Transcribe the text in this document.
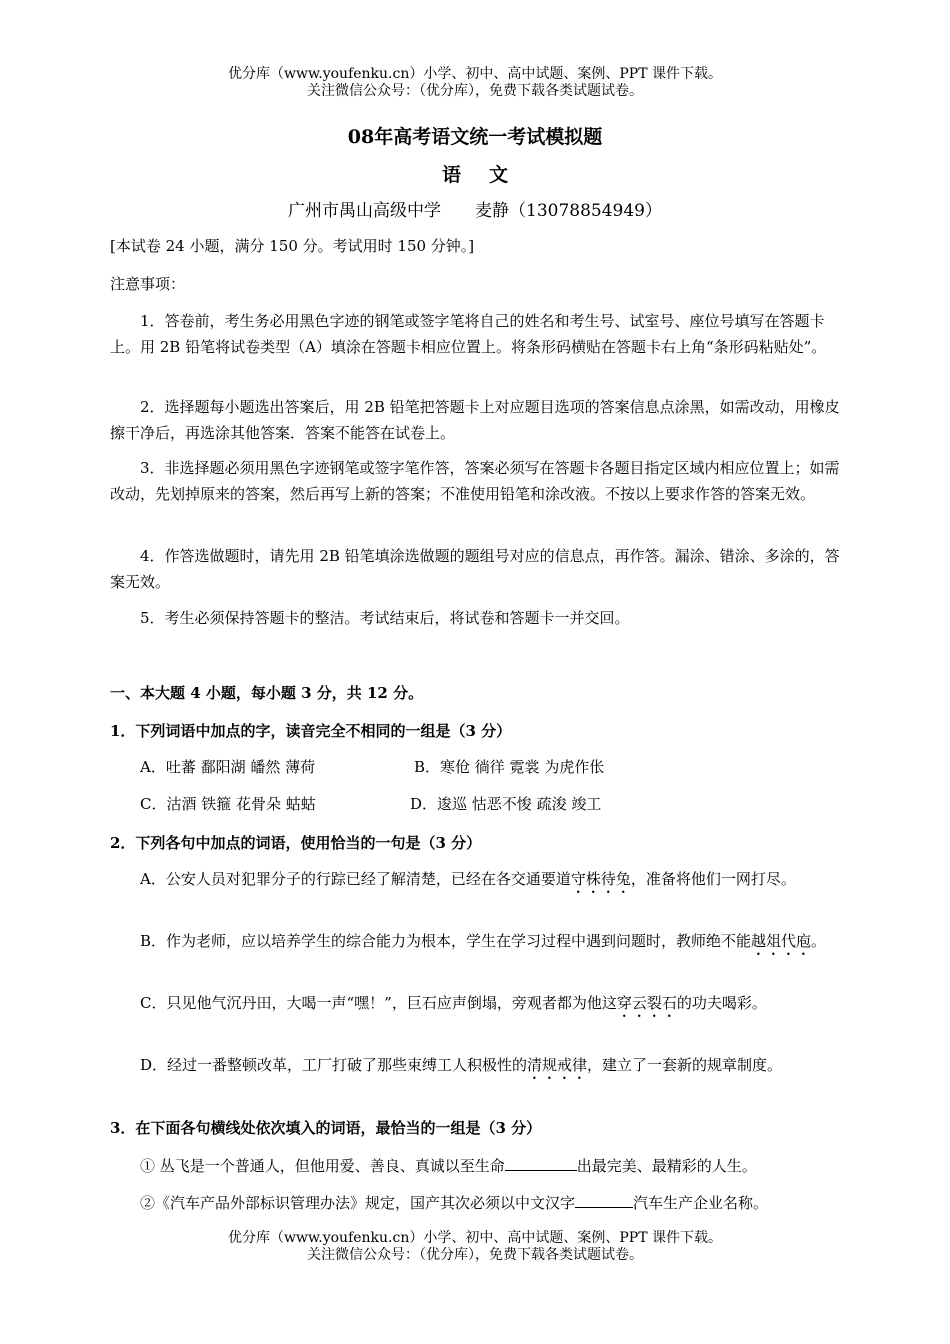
优分库（www.youfenku.cn）小学、初中、高中试题、案例、PPT 课件下载。
关注微信公众号：（优分库），免费下载各类试题试卷。
08年高考语文统一考试模拟题
语文
广州市禺山高级中学 麦静（13078854949）
[本试卷 24 小题，满分 150 分。考试用时 150 分钟。]
注意事项：
1．答卷前，考生务必用黑色字迹的钢笔或签字笔将自己的姓名和考生号、试室号、座位号填写在答题卡上。用 2B 铅笔将试卷类型（A）填涂在答题卡相应位置上。将条形码横贴在答题卡右上角“条形码粘贴处”。
2．选择题每小题选出答案后，用 2B 铅笔把答题卡上对应题目选项的答案信息点涂黑，如需改动，用橡皮擦干净后，再选涂其他答案．答案不能答在试卷上。
3．非选择题必须用黑色字迹钢笔或签字笔作答，答案必须写在答题卡各题目指定区域内相应位置上；如需改动，先划掉原来的答案，然后再写上新的答案；不准使用铅笔和涂改液。不按以上要求作答的答案无效。
4．作答选做题时，请先用 2B 铅笔填涂选做题的题组号对应的信息点，再作答。漏涂、错涂、多涂的，答案无效。
5．考生必须保持答题卡的整洁。考试结束后，将试卷和答题卡一并交回。
一、本大题 4 小题，每小题 3 分，共 12 分。
1．下列词语中加点的字，读音完全不相同的一组是（3 分）
A．吐蕃 鄱阳湖 皤然 薄荷	B．寒伧 徜徉 霓裳 为虎作伥
C．沽酒 铁箍 花骨朵 蛄蛄	D．逡巡 怙恶不悛 疏浚 竣工
2．下列各句中加点的词语，使用恰当的一句是（3 分）
A．公安人员对犯罪分子的行踪已经了解清楚，已经在各交通要道守株待兔，准备将他们一网打尽。
B．作为老师，应以培养学生的综合能力为根本，学生在学习过程中遇到问题时，教师绝不能越俎代庖。
C．只见他气沉丹田，大喝一声“嘿！”，巨石应声倒塌，旁观者都为他这穿云裂石的功夫喝彩。
D．经过一番整顿改革，工厂打破了那些束缚工人积极性的清规戒律，建立了一套新的规章制度。
3．在下面各句横线处依次填入的词语，最恰当的一组是（3 分）
① 丛飞是一个普通人，但他用爱、善良、真诚以至生命	出最完美、最精彩的人生。
②《汽车产品外部标识管理办法》规定，国产其次必须以中文汉字	汽车生产企业名称。
优分库（www.youfenku.cn）小学、初中、高中试题、案例、PPT 课件下载。
关注微信公众号：（优分库），免费下载各类试题试卷。
